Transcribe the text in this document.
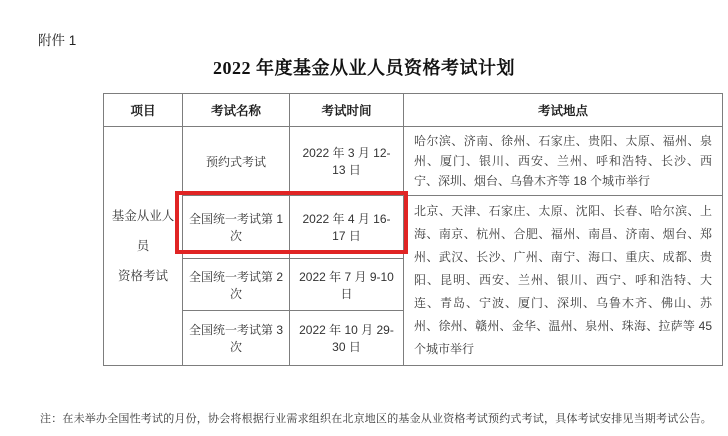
附件 1
2022 年度基金从业人员资格考试计划
项目	考试名称	考试时间	考试地点

基金从业人员
资格考试	预约式考试	2022 年 3 月 12-13 日	哈尔滨、济南、徐州、石家庄、贵阳、太原、福州、泉州、厦门、银川、西安、兰州、呼和浩特、长沙、西宁、深圳、烟台、乌鲁木齐等 18 个城市举行
	全国统一考试第 1 次	2022 年 4 月 16-17 日	北京、天津、石家庄、太原、沈阳、长春、哈尔滨、上海、南京、杭州、合肥、福州、南昌、济南、烟台、郑州、武汉、长沙、广州、南宁、海口、重庆、成都、贵阳、昆明、西安、兰州、银川、西宁、呼和浩特、大连、青岛、宁波、厦门、深圳、乌鲁木齐、佛山、苏州、徐州、赣州、金华、温州、泉州、珠海、拉萨等 45 个城市举行
	全国统一考试第 2 次	2022 年 7 月 9-10 日	
	全国统一考试第 3 次	2022 年 10 月 29-30 日	
注：在未举办全国性考试的月份，协会将根据行业需求组织在北京地区的基金从业资格考试预约式考试，具体考试安排见当期考试公告。
